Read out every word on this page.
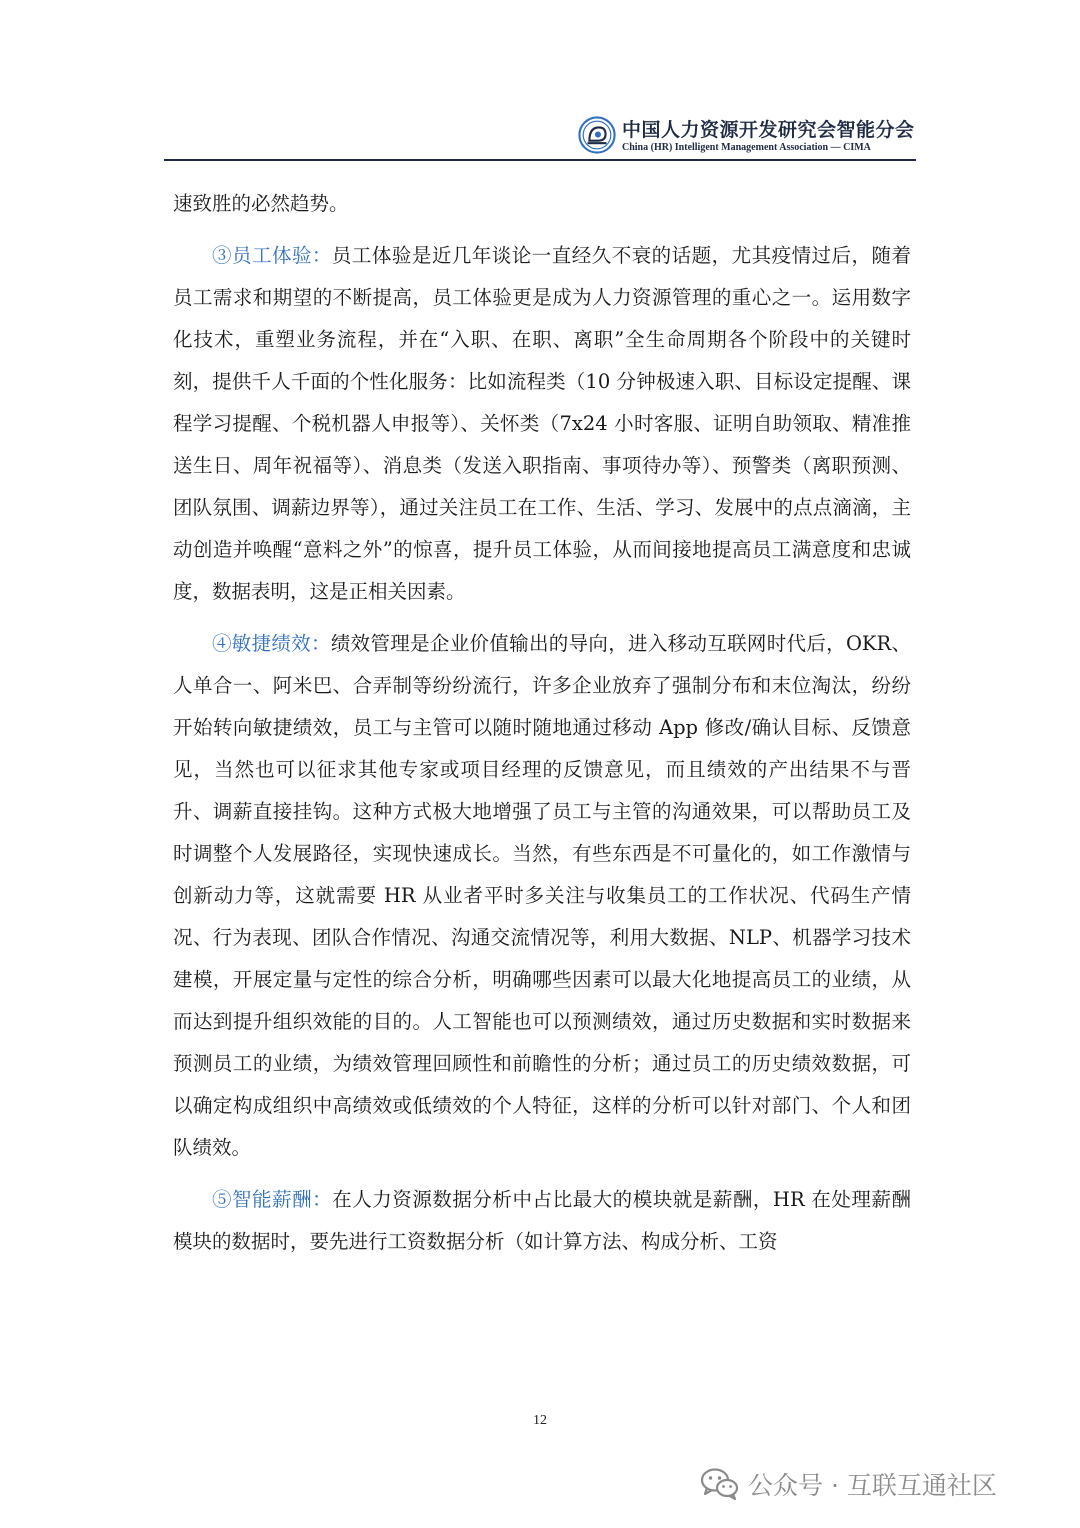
中国人力资源开发研究会智能分会
China (HR) Intelligent Management Association — CIMA

速致胜的必然趋势。

③员工体验：员工体验是近几年谈论一直经久不衰的话题，尤其疫情过后，随着员工需求和期望的不断提高，员工体验更是成为人力资源管理的重心之一。运用数字化技术，重塑业务流程，并在“入职、在职、离职”全生命周期各个阶段中的关键时刻，提供千人千面的个性化服务：比如流程类（10 分钟极速入职、目标设定提醒、课程学习提醒、个税机器人申报等）、关怀类（7x24 小时客服、证明自助领取、精准推送生日、周年祝福等）、消息类（发送入职指南、事项待办等）、预警类（离职预测、团队氛围、调薪边界等），通过关注员工在工作、生活、学习、发展中的点点滴滴，主动创造并唤醒“意料之外”的惊喜，提升员工体验，从而间接地提高员工满意度和忠诚度，数据表明，这是正相关因素。

④敏捷绩效：绩效管理是企业价值输出的导向，进入移动互联网时代后，OKR、人单合一、阿米巴、合弄制等纷纷流行，许多企业放弃了强制分布和末位淘汰，纷纷开始转向敏捷绩效，员工与主管可以随时随地通过移动 App 修改/确认目标、反馈意见，当然也可以征求其他专家或项目经理的反馈意见，而且绩效的产出结果不与晋升、调薪直接挂钩。这种方式极大地增强了员工与主管的沟通效果，可以帮助员工及时调整个人发展路径，实现快速成长。当然，有些东西是不可量化的，如工作激情与创新动力等，这就需要 HR 从业者平时多关注与收集员工的工作状况、代码生产情况、行为表现、团队合作情况、沟通交流情况等，利用大数据、NLP、机器学习技术建模，开展定量与定性的综合分析，明确哪些因素可以最大化地提高员工的业绩，从而达到提升组织效能的目的。人工智能也可以预测绩效，通过历史数据和实时数据来预测员工的业绩，为绩效管理回顾性和前瞻性的分析；通过员工的历史绩效数据，可以确定构成组织中高绩效或低绩效的个人特征，这样的分析可以针对部门、个人和团队绩效。

⑤智能薪酬：在人力资源数据分析中占比最大的模块就是薪酬，HR 在处理薪酬模块的数据时，要先进行工资数据分析（如计算方法、构成分析、工资

12
公众号 · 互联互通社区
